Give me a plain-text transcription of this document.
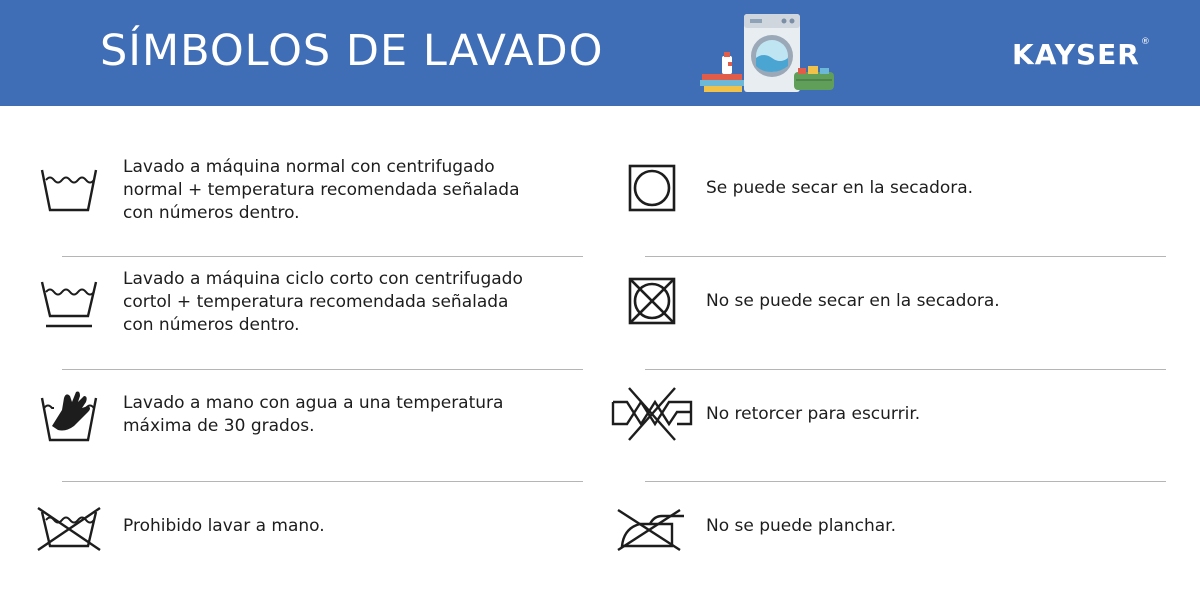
SÍMBOLOS DE LAVADO	KAYSER®
Lavado a máquina normal con centrifugado
normal + temperatura recomendada señalada
con números dentro.
Lavado a máquina ciclo corto con centrifugado
cortol + temperatura recomendada señalada
con números dentro.
Lavado a mano con agua a una temperatura
máxima de 30 grados.
Prohibido lavar a mano.
Se puede secar en la secadora.
No se puede secar en la secadora.
No retorcer para escurrir.
No se puede planchar.
